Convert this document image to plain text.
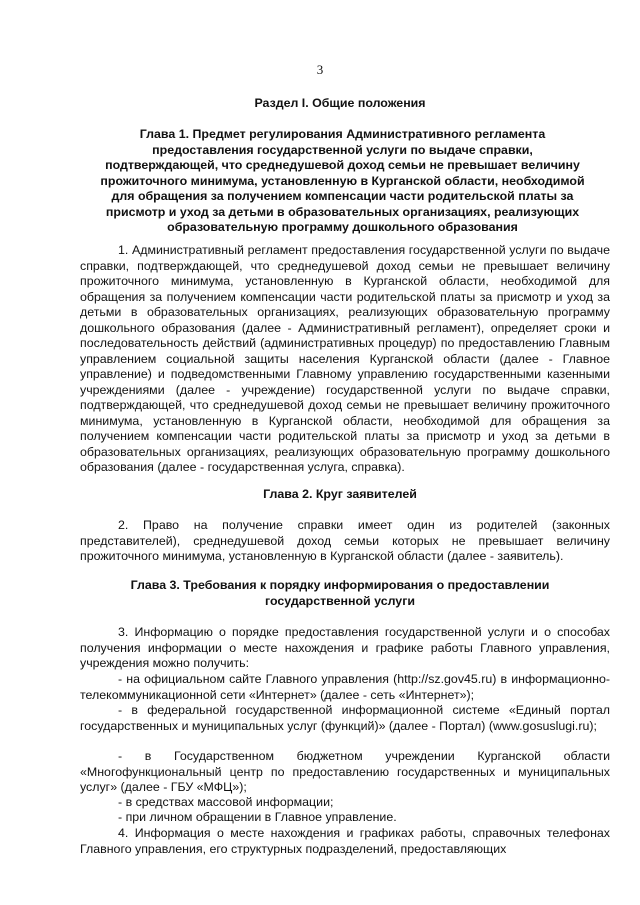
3

Раздел I. Общие положения

Глава 1. Предмет регулирования Административного регламента предоставления государственной услуги по выдаче справки, подтверждающей, что среднедушевой доход семьи не превышает величину прожиточного минимума, установленную в Курганской области, необходимой для обращения за получением компенсации части родительской платы за присмотр и уход за детьми в образовательных организациях, реализующих образовательную программу дошкольного образования

1. Административный регламент предоставления государственной услуги по выдаче справки, подтверждающей, что среднедушевой доход семьи не превышает величину прожиточного минимума, установленную в Курганской области, необходимой для обращения за получением компенсации части родительской платы за присмотр и уход за детьми в образовательных организациях, реализующих образовательную программу дошкольного образования (далее - Административный регламент), определяет сроки и последовательность действий (административных процедур) по предоставлению Главным управлением социальной защиты населения Курганской области (далее - Главное управление) и подведомственными Главному управлению государственными казенными учреждениями (далее - учреждение) государственной услуги по выдаче справки, подтверждающей, что среднедушевой доход семьи не превышает величину прожиточного минимума, установленную в Курганской области, необходимой для обращения за получением компенсации части родительской платы за присмотр и уход за детьми в образовательных организациях, реализующих образовательную программу дошкольного образования (далее - государственная услуга, справка).

Глава 2. Круг заявителей

2. Право на получение справки имеет один из родителей (законных представителей), среднедушевой доход семьи которых не превышает величину прожиточного минимума, установленную в Курганской области (далее - заявитель).

Глава 3. Требования к порядку информирования о предоставлении государственной услуги

3. Информацию о порядке предоставления государственной услуги и о способах получения информации о месте нахождения и графике работы Главного управления, учреждения можно получить:

- на официальном сайте Главного управления (http://sz.gov45.ru) в информационно-телекоммуникационной сети «Интернет» (далее - сеть «Интернет»);

- в федеральной государственной информационной системе «Единый портал государственных и муниципальных услуг (функций)» (далее - Портал) (www.gosuslugi.ru);

- в Государственном бюджетном учреждении Курганской области «Многофункциональный центр по предоставлению государственных и муниципальных услуг» (далее - ГБУ «МФЦ»);

- в средствах массовой информации;

- при личном обращении в Главное управление.

4. Информация о месте нахождения и графиках работы, справочных телефонах Главного управления, его структурных подразделений, предоставляющих
